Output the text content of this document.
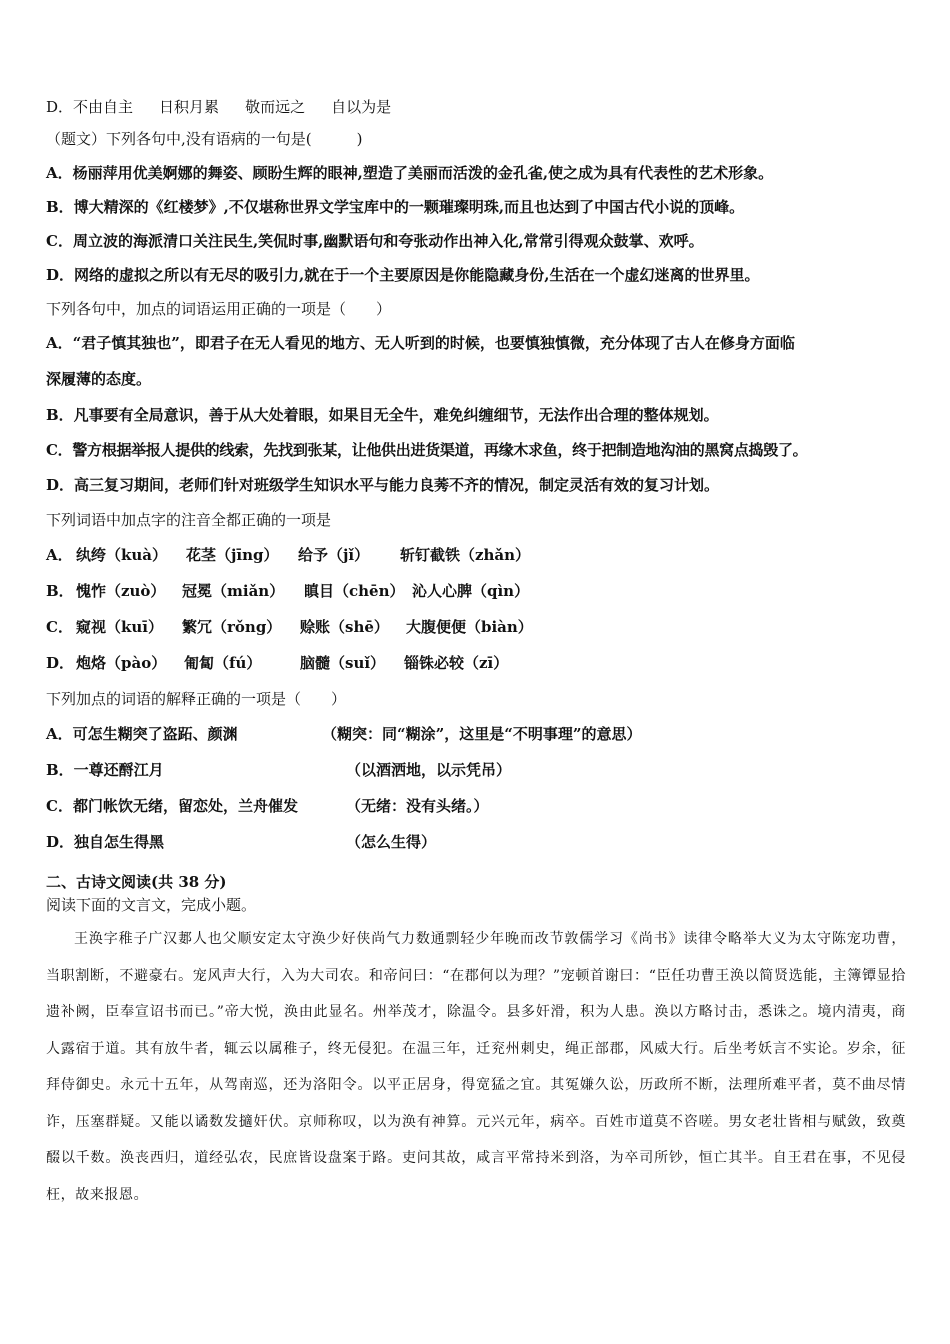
D．不由自主 日积月累 敬而远之 自以为是
（题文）下列各句中,没有语病的一句是(　　　)
A．杨丽萍用优美婀娜的舞姿、顾盼生辉的眼神,塑造了美丽而活泼的金孔雀,使之成为具有代表性的艺术形象。
B．博大精深的《红楼梦》,不仅堪称世界文学宝库中的一颗璀璨明珠,而且也达到了中国古代小说的顶峰。
C．周立波的海派清口关注民生,笑侃时事,幽默语句和夸张动作出神入化,常常引得观众鼓掌、欢呼。
D．网络的虚拟之所以有无尽的吸引力,就在于一个主要原因是你能隐藏身份,生活在一个虚幻迷离的世界里。
下列各句中，加点的词语运用正确的一项是（　　）
A．“君子慎其独也”，即君子在无人看见的地方、无人听到的时候，也要慎独慎微，充分体现了古人在修身方面临
深履薄的态度。
B．凡事要有全局意识，善于从大处着眼，如果目无全牛，难免纠缠细节，无法作出合理的整体规划。
C．警方根据举报人提供的线索，先找到张某，让他供出进货渠道，再缘木求鱼，终于把制造地沟油的黑窝点捣毁了。
D．高三复习期间，老师们针对班级学生知识水平与能力良莠不齐的情况，制定灵活有效的复习计划。
下列词语中加点字的注音全都正确的一项是
A． 纨绔（kuà） 花茎（jīng） 给予（jǐ） 斩钉截铁（zhǎn）
B． 愧怍（zuò） 冠冕（miǎn） 瞋目（chēn） 沁人心脾（qìn）
C． 窥视（kuī） 繁冗（rǒng） 赊账（shē） 大腹便便（biàn）
D． 炮烙（pào） 匍匐（fú）	脑髓（suǐ） 锱铢必较（zī）
下列加点的词语的解释正确的一项是（　　）
A．可怎生糊突了盗跖、颜渊	（糊突：同“糊涂”，这里是“不明事理”的意思）
B．一尊还酹江月	（以酒洒地，以示凭吊）
C．都门帐饮无绪，留恋处，兰舟催发	（无绪：没有头绪。）
D．独自怎生得黑	（怎么生得）
二、古诗文阅读(共 38 分)
阅读下面的文言文，完成小题。
王涣字稚子广汉郪人也父顺安定太守涣少好侠尚气力数通剽轻少年晚而改节敦儒学习《尚书》读律令略举大义为太守陈宠功曹，当职割断，不避豪右。宠风声大行，入为大司农。和帝问曰：“在郡何以为理？”宠顿首谢曰：“臣任功曹王涣以简贤选能，主簿镡显拾遗补阙，臣奉宣诏书而已。”帝大悦，涣由此显名。州举茂才，除温令。县多奸滑，积为人患。涣以方略讨击，悉诛之。境内清夷，商人露宿于道。其有放牛者，辄云以属稚子，终无侵犯。在温三年，迁兖州刺史，绳正部郡，风威大行。后坐考妖言不实论。岁余，征拜侍御史。永元十五年，从驾南巡，还为洛阳令。以平正居身，得宽猛之宜。其冤嫌久讼，历政所不断，法理所难平者，莫不曲尽情诈，压塞群疑。又能以谲数发擿奸伏。京师称叹，以为涣有神算。元兴元年，病卒。百姓市道莫不咨嗟。男女老壮皆相与赋敛，致奠醊以千数。涣丧西归，道经弘农，民庶皆设盘案于路。吏问其故，咸言平常持米到洛，为卒司所钞，恒亡其半。自王君在事，不见侵枉，故来报恩。
